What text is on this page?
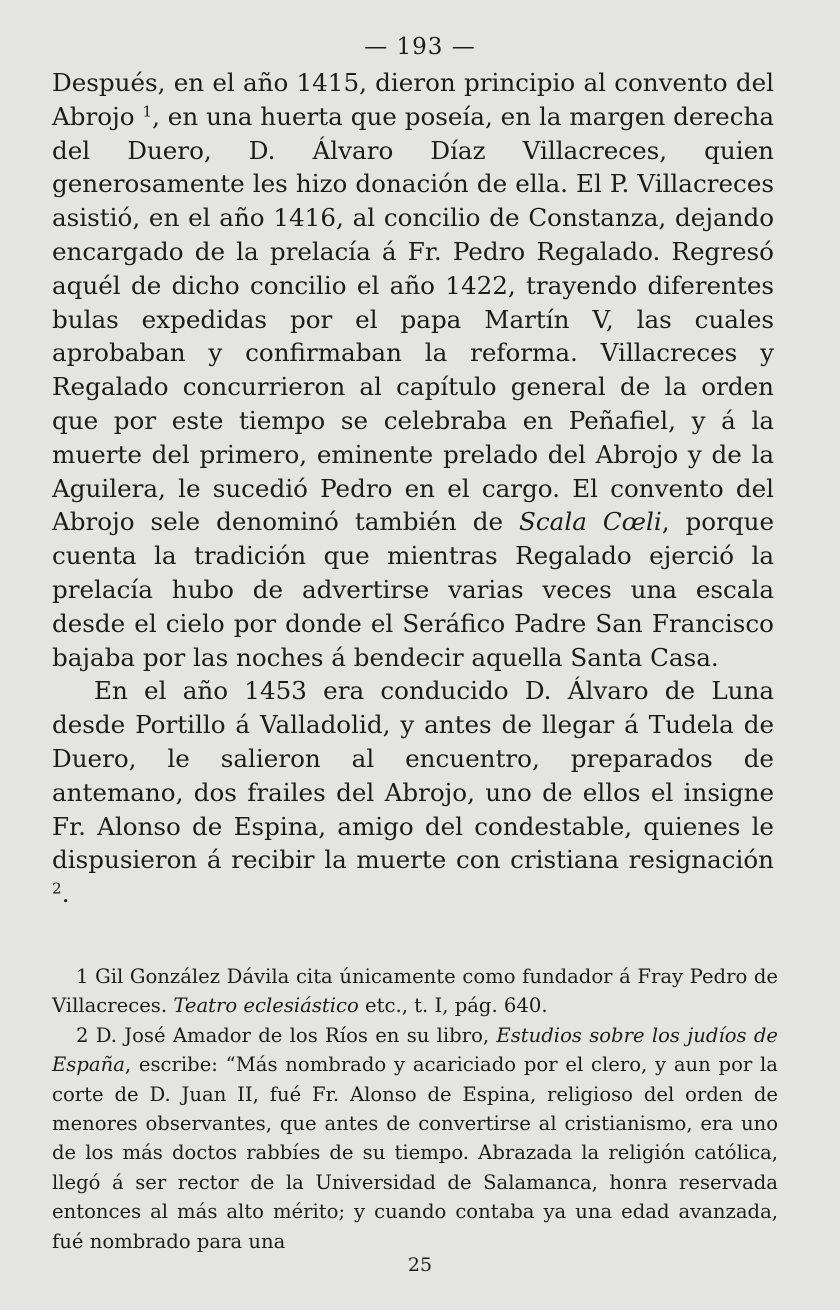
— 193 —

Después, en el año 1415, dieron principio al convento del Abrojo $^1$, en una huerta que poseía, en la margen derecha del Duero, D. Álvaro Díaz Villacreces, quien generosamente les hizo donación de ella. El P. Villacreces asistió, en el año 1416, al concilio de Constanza, dejando encargado de la prelacía á Fr. Pedro Regalado. Regresó aquél de dicho concilio el año 1422, trayendo diferentes bulas expedidas por el papa Martín V, las cuales aprobaban y confirmaban la reforma. Villacreces y Regalado concurrieron al capítulo general de la orden que por este tiempo se celebraba en Peñafiel, y á la muerte del primero, eminente prelado del Abrojo y de la Aguilera, le sucedió Pedro en el cargo. El convento del Abrojo sele denominó también de Scala Cœli, porque cuenta la tradición que mientras Regalado ejerció la prelacía hubo de advertirse varias veces una escala desde el cielo por donde el Seráfico Padre San Francisco bajaba por las noches á bendecir aquella Santa Casa.

En el año 1453 era conducido D. Álvaro de Luna desde Portillo á Valladolid, y antes de llegar á Tudela de Duero, le salieron al encuentro, preparados de antemano, dos frailes del Abrojo, uno de ellos el insigne Fr. Alonso de Espina, amigo del condestable, quienes le dispusieron á recibir la muerte con cristiana resignación $^2$.

1 Gil González Dávila cita únicamente como fundador á Fray Pedro de Villacreces. Teatro eclesiástico etc., t. I, pág. 640.

2 D. José Amador de los Ríos en su libro, Estudios sobre los judíos de España, escribe: “Más nombrado y acariciado por el clero, y aun por la corte de D. Juan II, fué Fr. Alonso de Espina, religioso del orden de menores observantes, que antes de convertirse al cristianismo, era uno de los más doctos rabbíes de su tiempo. Abrazada la religión católica, llegó á ser rector de la Universidad de Salamanca, honra reservada entonces al más alto mérito; y cuando contaba ya una edad avanzada, fué nombrado para una

25
